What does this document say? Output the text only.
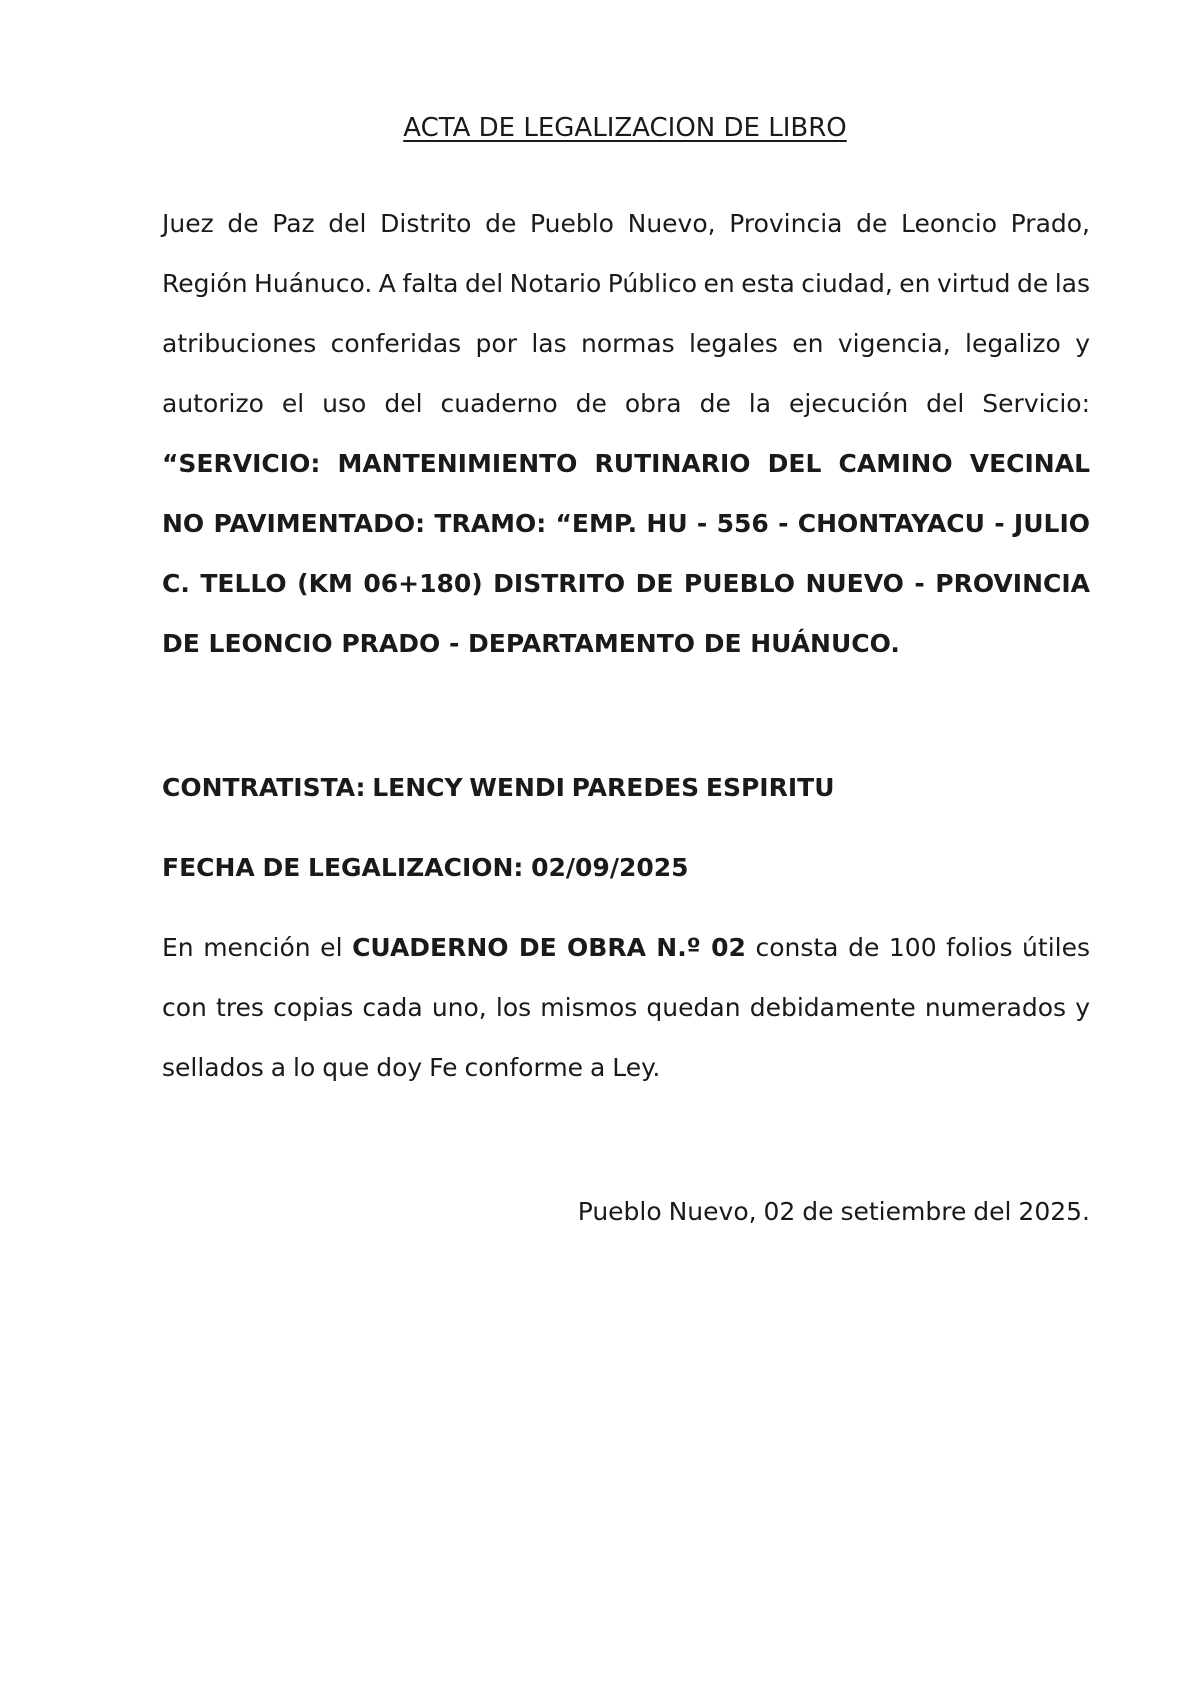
ACTA DE LEGALIZACION DE LIBRO

Juez de Paz del Distrito de Pueblo Nuevo, Provincia de Leoncio Prado, Región Huánuco. A falta del Notario Público en esta ciudad, en virtud de las atribuciones conferidas por las normas legales en vigencia, legalizo y autorizo el uso del cuaderno de obra de la ejecución del Servicio: “SERVICIO: MANTENIMIENTO RUTINARIO DEL CAMINO VECINAL NO PAVIMENTADO: TRAMO: “EMP. HU - 556 - CHONTAYACU - JULIO C. TELLO (KM 06+180) DISTRITO DE PUEBLO NUEVO - PROVINCIA DE LEONCIO PRADO - DEPARTAMENTO DE HUÁNUCO.

CONTRATISTA: LENCY WENDI PAREDES ESPIRITU

FECHA DE LEGALIZACION: 02/09/2025

En mención el CUADERNO DE OBRA N.º 02 consta de 100 folios útiles con tres copias cada uno, los mismos quedan debidamente numerados y sellados a lo que doy Fe conforme a Ley.

Pueblo Nuevo, 02 de setiembre del 2025.
